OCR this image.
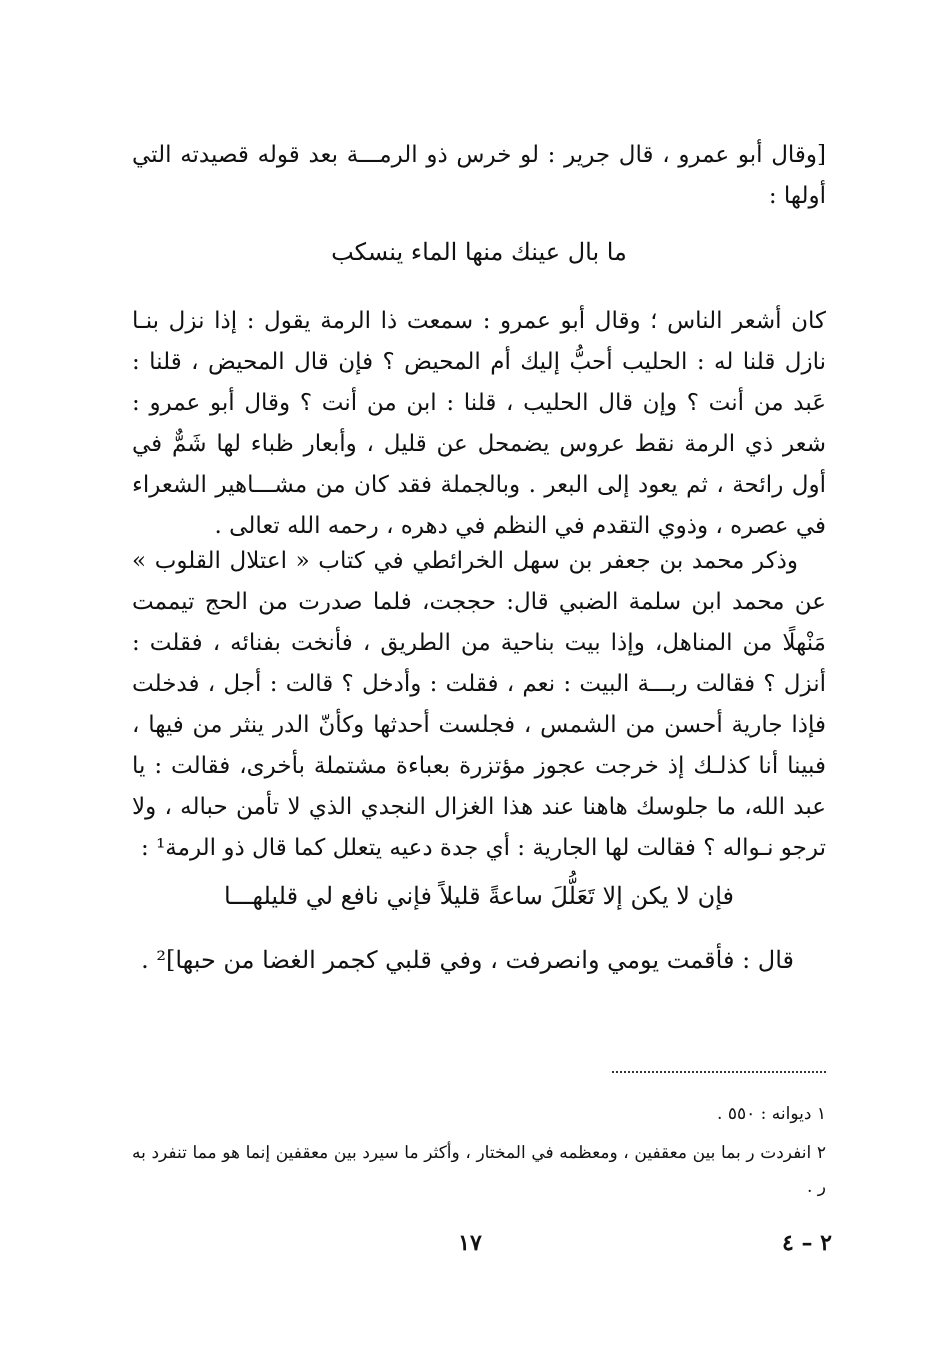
[وقال أبو عمرو ، قال جرير : لو خرس ذو الرمـــة بعد قوله قصيدته التي أولها :

ما بال عينك منها الماء ينسكب

كان أشعر الناس ؛ وقال أبو عمرو : سمعت ذا الرمة يقول : إذا نزل بنـا نازل قلنا له : الحليب أحبُّ إليك أم المحيض ؟ فإن قال المحيض ، قلنا : عَبد من أنت ؟ وإن قال الحليب ، قلنا : ابن من أنت ؟ وقال أبو عمرو : شعر ذي الرمة نقط عروس يضمحل عن قليل ، وأبعار ظباء لها شَمٌّ في أول رائحة ، ثم يعود إلى البعر . وبالجملة فقد كان من مشـــاهير الشعراء في عصره ، وذوي التقدم في النظم في دهره ، رحمه الله تعالى .

وذكر محمد بن جعفر بن سهل الخرائطي في كتاب « اعتلال القلوب » عن محمد ابن سلمة الضبي قال: حججت، فلما صدرت من الحج تيممت مَنْهلًا من المناهل، وإذا بيت بناحية من الطريق ، فأنخت بفنائه ، فقلت : أنزل ؟ فقالت ربـــة البيت : نعم ، فقلت : وأدخل ؟ قالت : أجل ، فدخلت فإذا جارية أحسن من الشمس ، فجلست أحدثها وكأنّ الدر ينثر من فيها ، فبينا أنا كذلـك إذ خرجت عجوز مؤتزرة بعباءة مشتملة بأخرى، فقالت : يا عبد الله، ما جلوسك هاهنا عند هذا الغزال النجدي الذي لا تأمن حباله ، ولا ترجو نـواله ؟ فقالت لها الجارية : أي جدة دعيه يتعلل كما قال ذو الرمة¹ :

فإن لا يكن إلا تَعَلُّلَ ساعةً قليلاً فإني نافع لي قليلهـــا

قال : فأقمت يومي وانصرفت ، وفي قلبي كجمر الغضا من حبها]² .

١ ديوانه : ٥٥٠ .

٢ انفردت ر بما بين معقفين ، ومعظمه في المختار ، وأكثر ما سيرد بين معقفين إنما هو مما تنفرد به ر .

١٧	٢ – ٤
